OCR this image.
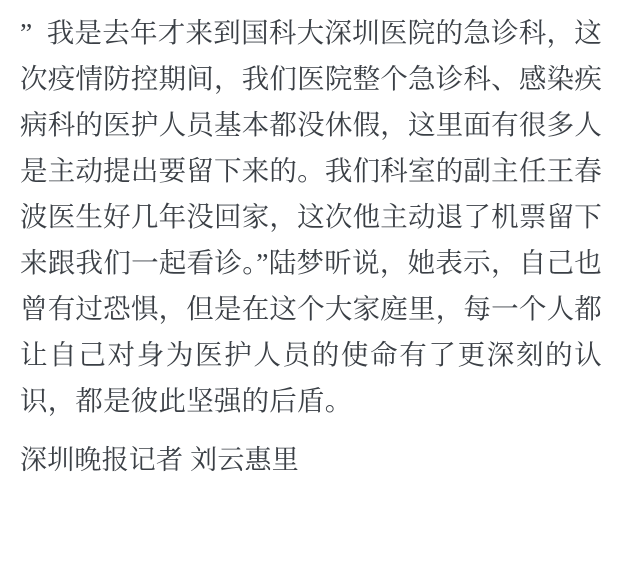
”  我是去年才来到国科大深圳医院的急诊科，这次疫情防控期间，我们医院整个急诊科、感染疾病科的医护人员基本都没休假，这里面有很多人是主动提出要留下来的。我们科室的副主任王春波医生好几年没回家，这次他主动退了机票留下来跟我们一起看诊。”陆梦昕说，她表示，自己也曾有过恐惧，但是在这个大家庭里，每一个人都让自己对身为医护人员的使命有了更深刻的认识，都是彼此坚强的后盾。
深圳晚报记者 刘云惠里
